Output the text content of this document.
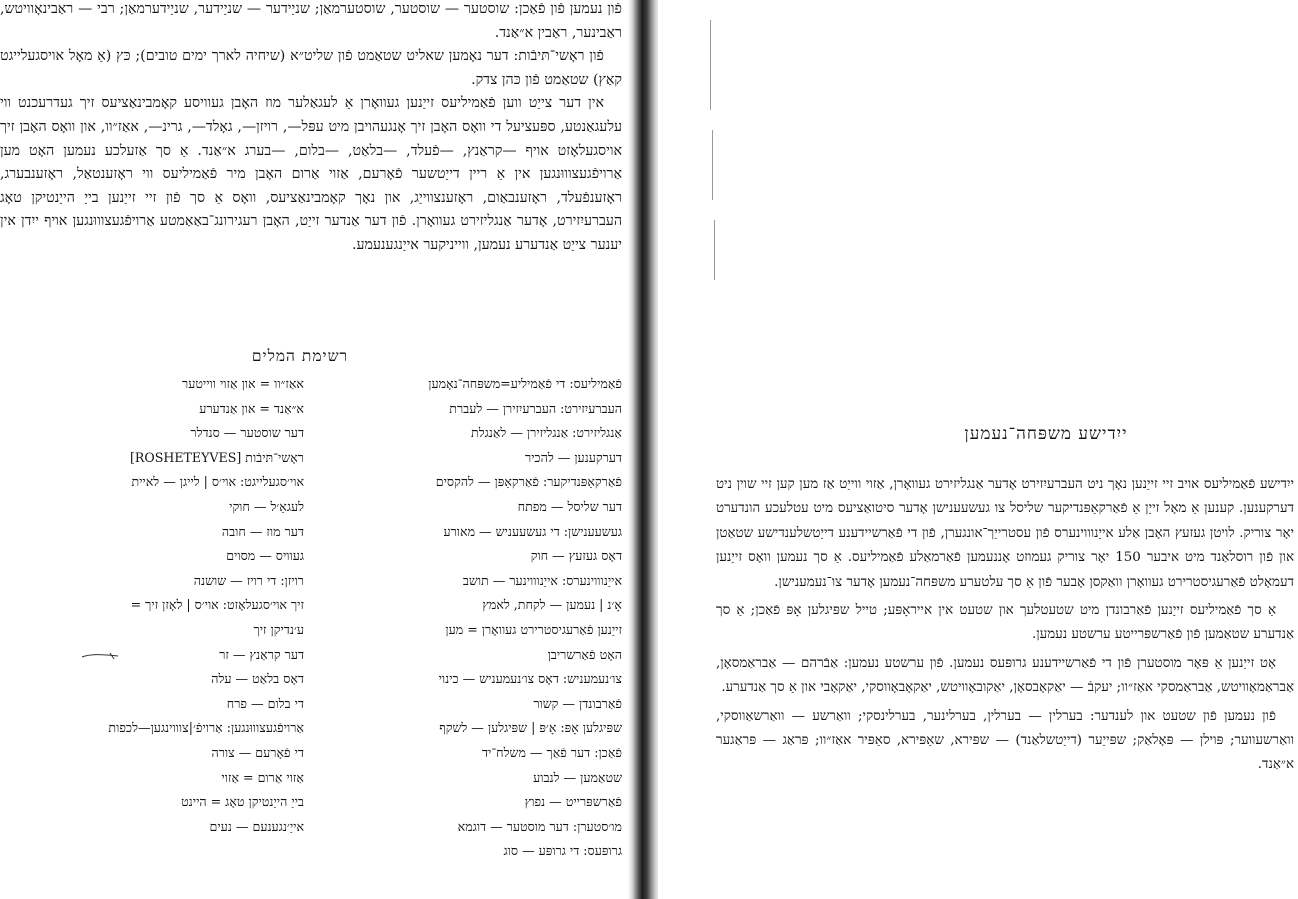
פֿון נעמען פֿון פֿאַכן: שוסטער — שוסטער, שוסטערמאַן; שניַידער — שניַידער, שניַידערמאַן; רבי — ראַבינאָוויטש, ראַבינער, ראַבין א״אַנד.

פֿון ראָשי־תּיבֿות: דער נאָמען שאליט שטאַמט פֿון שליט״א (שיחיה לארך ימים טובים); כּץ (אַ מאָל אויסגעלייגט קאַץ) שטאַמט פֿון כּהן צדק.

אין דער צייַט ווען פֿאַמיליעס זייַנען געוואָרן אַ לעגאַלער מוז האָבן געוויסע קאָמבינאַציעס זיך געדרעכנט ווי עלעגאַנטע, ספּעציעל די וואָס האָבן זיך אָנגעהויבן מיט עפּל—, רויזן—, גאָלד—, גרינ—, אאַז״וו, און וואָס האָבן זיך אויסגעלאָזט אויף —קראַנץ, —פֿעלד, —בלאַט, —בלום, —בערג א״אַנד. אַ סך אַזעלכע נעמען האָט מען אַרויפֿגעצוווּנגען אין אַ ריין דייַטשער פֿאָרעם, אַזוי אַרום האָבן מיר פֿאַמיליעס ווי ראָזענטאַל, ראָזענבערג, ראָזענפֿעלד, ראָזענבאַום, ראָזענצווייַג, און נאָך קאָמבינאַציעס, וואָס אַ סך פֿון זיי זייַנען בייַ הייַנטיקן טאָג העברעיִזירט, אָדער אַנגליזירט געוואָרן. פֿון דער אַנדער זייַט, האָבן רעגירונג־באַאַמטע אַרויפֿגעצוווּנגען אויף ייִדן אין יענער צייַט אַנדערע נעמען, ווייניקער אייַנגענעמע.

רשימת המלים
פֿאַמיליעס: די פֿאַמיליע=משפּחה־נאָמען
העברעיִזירט: העברעיִזירן — לעברת
אַנגליזירט: אַנגליזירן — לאַנגלת
דערקענען — להכיר
פֿאַרקאַפּנדיקער: פֿאַרקאַפּן — להקסים
דער שליסל — מפתח
געשעענישן: די געשעעניש — מאורע
דאָס געזעץ — חוק
אייַנוווינערס: אייַנוווינער — תושב
אָ׳נ | נעמען — לקחת, לאמץ
זייַנען פֿאַרעגיסטרירט געוואָרן = מען
האָט פֿאַרשריבן
צו׳נעמעניש: דאָס צו׳נעמעניש — כינוי
פֿאַרבונדן — קשור
שפּיגלען אָפּ: אָ׳פּ | שפּיגלען — לשקף
פֿאַכן: דער פֿאַך — משלח־יד
שטאַמען — לנבוע
פֿאַרשפּרייט — נפוץ
מו׳סטערן: דער מוסטער — דוגמא
גרופּעס: די גרופּע — סוג
אאַז״וו = און אַזוי ווייטער
א״אַנד = און אַנדערע
דער שוסטער — סנדלר
ראָשי־תּיבֿות [ROSHETEYVES]
אוי׳סגעלייגט: אוי׳ס | לייגן — לאיית
לעגאַ׳ל — חוקי
דער מוז — חובה
געוויס — מסוים
רויזן: די רויז — שושנה
זיך אוי׳סגעלאָזט: אוי׳ס | לאָזן זיך =
ע׳נדיקן זיך
דער קראַנץ — זר
דאָס בלאַט — עלה
די בלום — פרח
אַרויפֿגעצוווּנגען: אַרויפֿ׳|צוווינגען—לכפות
די פֿאָרעם — צורה
אַזוי אַרום = אַזוי
בייַ הייַנטיקן טאָג = היינט
אייַ׳נגענעם — נעים
ייִדישע משפּחה־נעמען

ייִדישע פֿאַמיליעס אויב זיי זייַנען נאָך ניט העברעיִזירט אָדער אַנגליזירט געוואָרן, אַזוי ווייַט אַז מען קען זיי שוין ניט דערקענען. קענען אַ מאָל זייַן אַ פֿאַרקאַפּנדיקער שליסל צו געשעענישן אָדער סיטואַציעס מיט עטלעכע הונדערט יאָר צוריק. לויטן געזעץ האָבן אַלע אייַנוווינערס פֿון עסטרייַך־אונגערן, פֿון די פֿאַרשיידענע דייַטשלענדישע שטאַטן און פֿון רוסלאַנד מיט איבער 150 יאָר צוריק געמוזט אָננעמען פֿאַרמאַלע פֿאַמיליעס. אַ סך נעמען וואָס זייַנען דעמאָלט פֿאַרעגיסטרירט געוואָרן וואַקסן אָבער פֿון אַ סך עלטערע משפּחה־נעמען אָדער צו־נעמענישן.

אַ סך פֿאַמיליעס זייַנען פֿאַרבונדן מיט שטעטלעך און שטעט אין אייראָפּע; טייל שפּיגלען אָפּ פֿאַכן; אַ סך אַנדערע שטאַמען פֿון פֿאַרשפּרייטע ערשטע נעמען.

אָט זייַנען אַ פּאָר מוסטערן פֿון די פֿאַרשיידענע גרופּעס נעמען. פֿון ערשטע נעמען: אַבֿרהם — אַבראַמסאָן, אַבראַמאָוויטש, אַבראַמסקי אאַז״וו; יעקבֿ — יאַקאָבסאָן, יאַקובאָוויטש, יאַקאָבאָווסקי, יאַקאָבי און אַ סך אַנדערע.

פֿון נעמען פֿון שטעט און לענדער: בערלין — בערלין, בערלינער, בערלינסקי; וואַרשע — וואַרשאַווסקי, וואַרשעווער; פּוילן — פּאָלאַק; שפּייַער (דייַטשלאַנד) — שפּירא, שאַפּירא, סאַפּיר אאַז״וו; פּראַג — פּראַגער א״אַנד.
